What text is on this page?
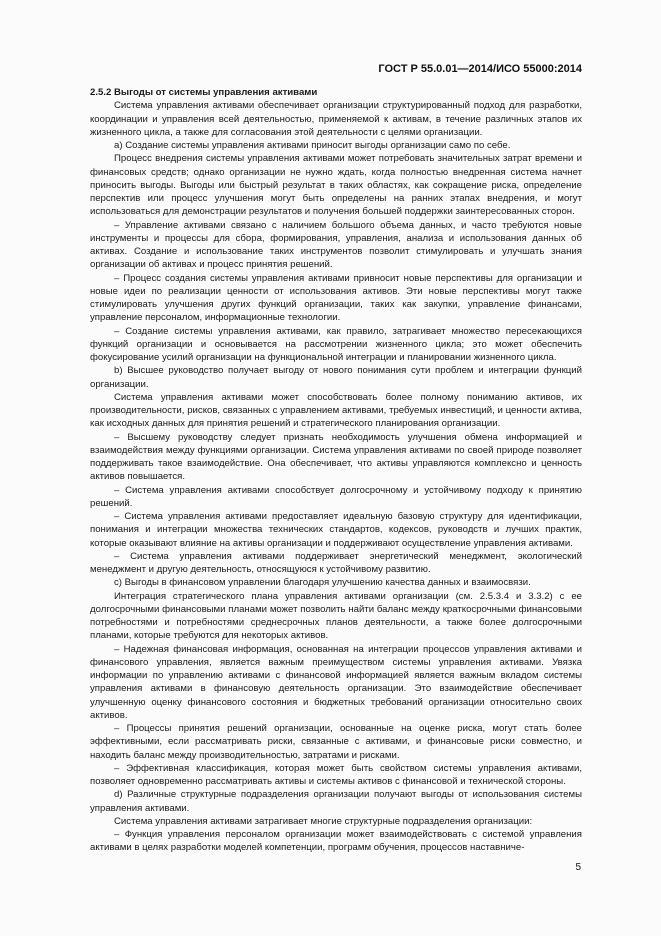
ГОСТ Р 55.0.01—2014/ИСО 55000:2014

2.5.2 Выгоды от системы управления активами

Система управления активами обеспечивает организации структурированный подход для разработки, координации и управления всей деятельностью, применяемой к активам, в течение различных этапов их жизненного цикла, а также для согласования этой деятельности с целями организации.

a) Создание системы управления активами приносит выгоды организации само по себе.

Процесс внедрения системы управления активами может потребовать значительных затрат времени и финансовых средств; однако организации не нужно ждать, когда полностью внедренная система начнет приносить выгоды. Выгоды или быстрый результат в таких областях, как сокращение риска, определение перспектив или процесс улучшения могут быть определены на ранних этапах внедрения, и могут использоваться для демонстрации результатов и получения большей поддержки заинтересованных сторон.

– Управление активами связано с наличием большого объема данных, и часто требуются новые инструменты и процессы для сбора, формирования, управления, анализа и использования данных об активах. Создание и использование таких инструментов позволит стимулировать и улучшать знания организации об активах и процесс принятия решений.

– Процесс создания системы управления активами привносит новые перспективы для организации и новые идеи по реализации ценности от использования активов. Эти новые перспективы могут также стимулировать улучшения других функций организации, таких как закупки, управление финансами, управление персоналом, информационные технологии.

– Создание системы управления активами, как правило, затрагивает множество пересекающихся функций организации и основывается на рассмотрении жизненного цикла; это может обеспечить фокусирование усилий организации на функциональной интеграции и планировании жизненного цикла.

b) Высшее руководство получает выгоду от нового понимания сути проблем и интеграции функций организации.

Система управления активами может способствовать более полному пониманию активов, их производительности, рисков, связанных с управлением активами, требуемых инвестиций, и ценности актива, как исходных данных для принятия решений и стратегического планирования организации.

– Высшему руководству следует признать необходимость улучшения обмена информацией и взаимодействия между функциями организации. Система управления активами по своей природе позволяет поддерживать такое взаимодействие. Она обеспечивает, что активы управляются комплексно и ценность активов повышается.

– Система управления активами способствует долгосрочному и устойчивому подходу к принятию решений.

– Система управления активами предоставляет идеальную базовую структуру для идентификации, понимания и интеграции множества технических стандартов, кодексов, руководств и лучших практик, которые оказывают влияние на активы организации и поддерживают осуществление управления активами.

– Система управления активами поддерживает энергетический менеджмент, экологический менеджмент и другую деятельность, относящуюся к устойчивому развитию.

c) Выгоды в финансовом управлении благодаря улучшению качества данных и взаимосвязи.

Интеграция стратегического плана управления активами организации (см. 2.5.3.4 и 3.3.2) с ее долгосрочными финансовыми планами может позволить найти баланс между краткосрочными финансовыми потребностями и потребностями среднесрочных планов деятельности, а также более долгосрочными планами, которые требуются для некоторых активов.

– Надежная финансовая информация, основанная на интеграции процессов управления активами и финансового управления, является важным преимуществом системы управления активами. Увязка информации по управлению активами с финансовой информацией является важным вкладом системы управления активами в финансовую деятельность организации. Это взаимодействие обеспечивает улучшенную оценку финансового состояния и бюджетных требований организации относительно своих активов.

– Процессы принятия решений организации, основанные на оценке риска, могут стать более эффективными, если рассматривать риски, связанные с активами, и финансовые риски совместно, и находить баланс между производительностью, затратами и рисками.

– Эффективная классификация, которая может быть свойством системы управления активами, позволяет одновременно рассматривать активы и системы активов с финансовой и технической стороны.

d) Различные структурные подразделения организации получают выгоды от использования системы управления активами.

Система управления активами затрагивает многие структурные подразделения организации:

– Функция управления персоналом организации может взаимодействовать с системой управления активами в целях разработки моделей компетенции, программ обучения, процессов наставниче-

5
